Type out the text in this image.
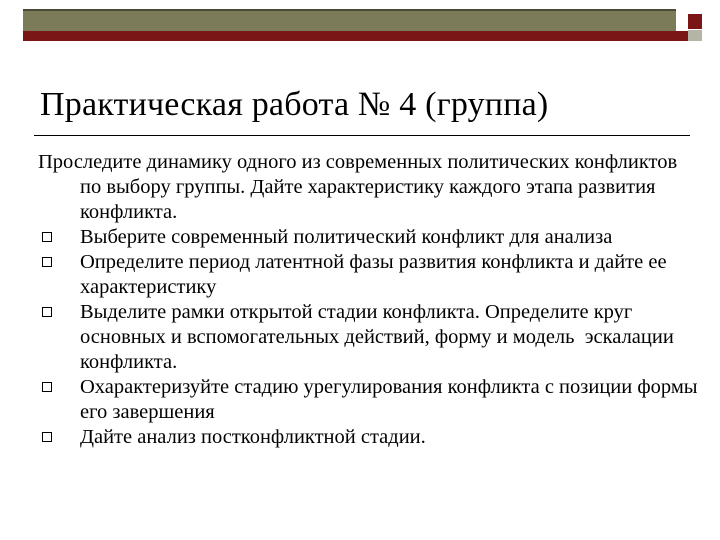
Практическая работа № 4 (группа)
Проследите динамику одного из современных политических конфликтов по выбору группы. Дайте характеристику каждого этапа развития конфликта.
Выберите современный политический конфликт для анализа
Определите период латентной фазы развития конфликта и дайте ее характеристику
Выделите рамки открытой стадии конфликта. Определите круг основных и вспомогательных действий, форму и модель  эскалации конфликта.
Охарактеризуйте стадию урегулирования конфликта с позиции формы его завершения
Дайте анализ постконфликтной стадии.
